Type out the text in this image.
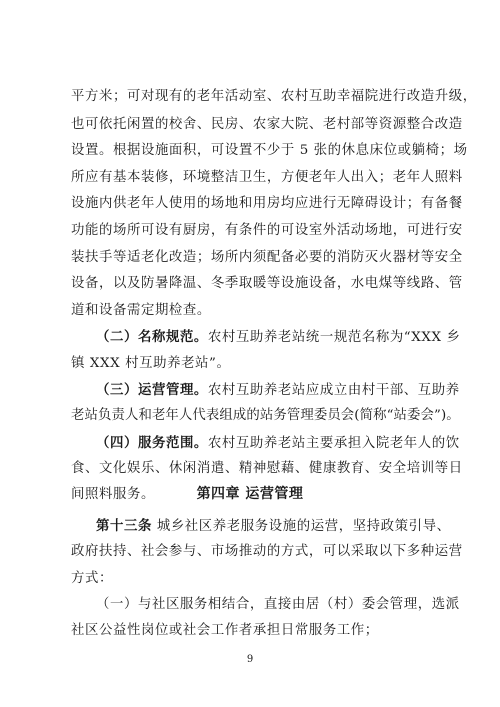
平方米；可对现有的老年活动室、农村互助幸福院进行改造升级，
也可依托闲置的校舍、民房、农家大院、老村部等资源整合改造
设置。根据设施面积，可设置不少于 5 张的休息床位或躺椅；场
所应有基本装修，环境整洁卫生，方便老年人出入；老年人照料
设施内供老年人使用的场地和用房均应进行无障碍设计；有备餐
功能的场所可设有厨房，有条件的可设室外活动场地，可进行安
装扶手等适老化改造；场所内须配备必要的消防灭火器材等安全
设备，以及防暑降温、冬季取暖等设施设备，水电煤等线路、管
道和设备需定期检查。
（二）名称规范。农村互助养老站统一规范名称为“XXX 乡
镇 XXX 村互助养老站”。
（三）运营管理。农村互助养老站应成立由村干部、互助养
老站负责人和老年人代表组成的站务管理委员会(简称“站委会”)。
（四）服务范围。农村互助养老站主要承担入院老年人的饮
食、文化娱乐、休闲消遣、精神慰藉、健康教育、安全培训等日
间照料服务。	第四章 运营管理
第十三条 城乡社区养老服务设施的运营，坚持政策引导、
政府扶持、社会参与、市场推动的方式，可以采取以下多种运营
方式：
（一）与社区服务相结合，直接由居（村）委会管理，选派
社区公益性岗位或社会工作者承担日常服务工作；
9
